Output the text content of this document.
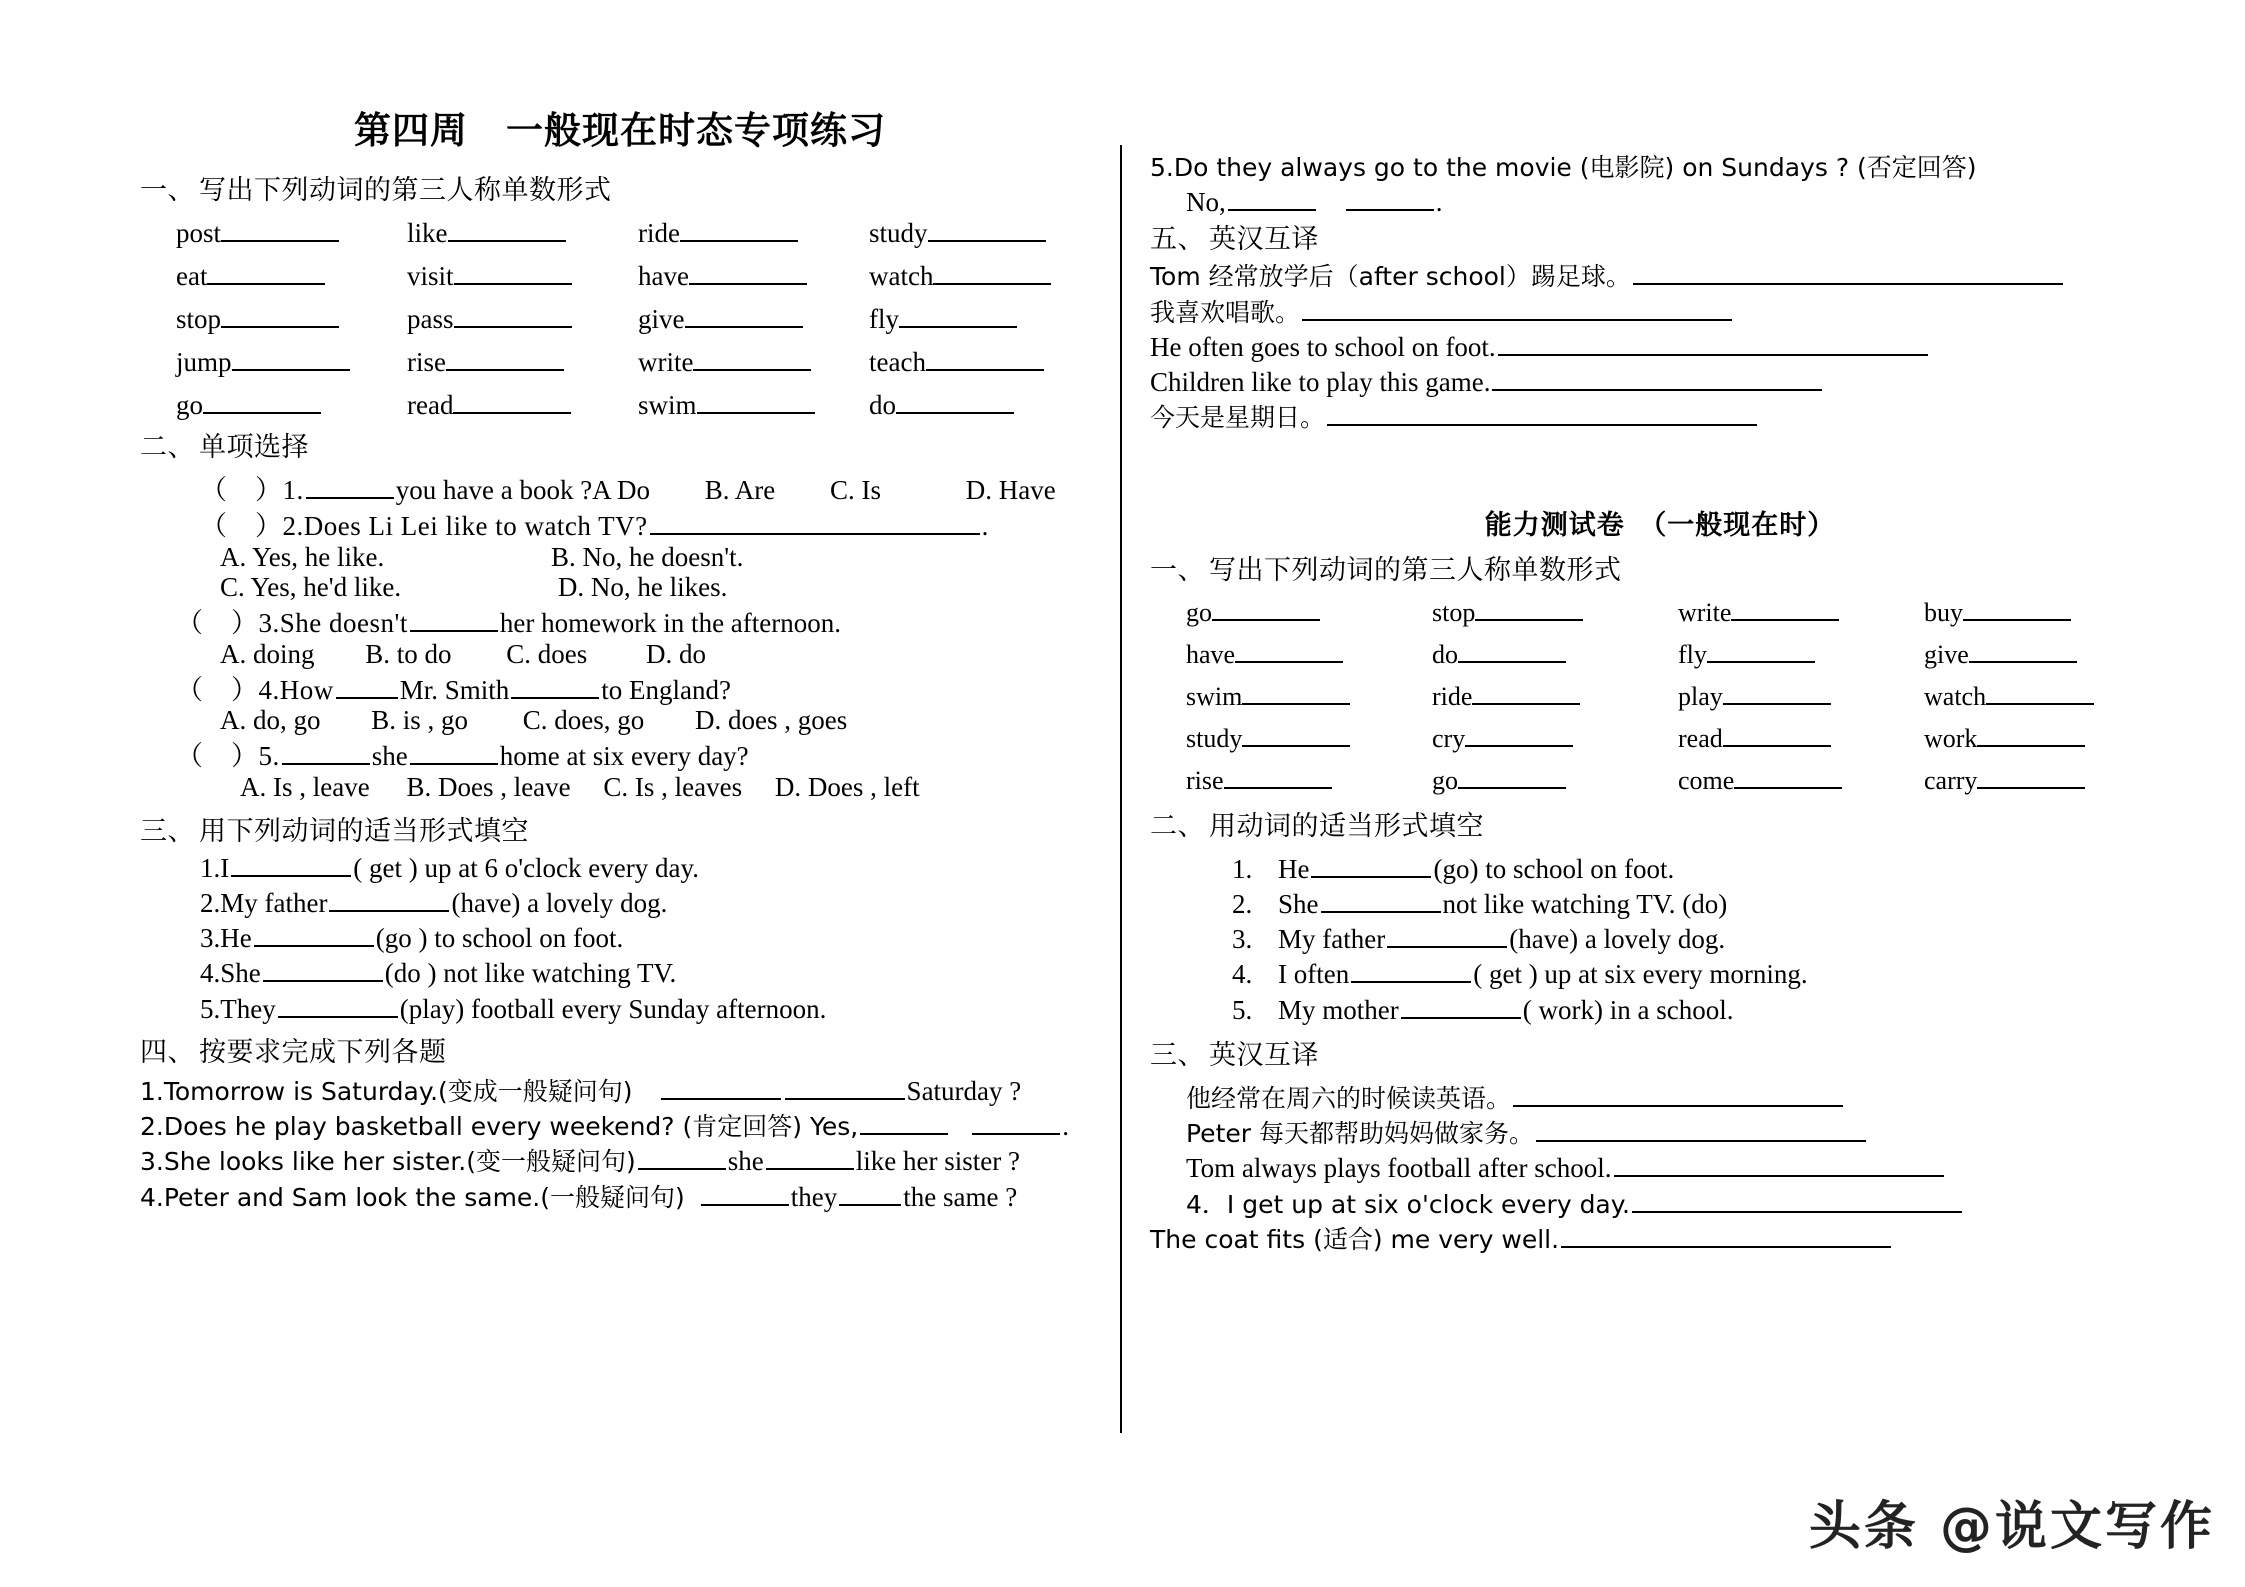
第四周　一般现在时态专项练习
一、 写出下列动词的第三人称单数形式
post	like	ride	study
eat	visit	have	watch
stop	pass	give	fly
jump	rise	write	teach
go	read	swim	do
二、 单项选择
（　）1.	you have a book ?A Do B. Are C. Is	D. Have
（　）2.Does Li Lei like to watch TV?	.
A. Yes, he like.	B. No, he doesn't.
C. Yes, he'd like.	D. No, he likes.
（　）3.She doesn't	her homework in the afternoon.
A. doing B. to do C. does D. do
（　）4.How Mr. Smith	to England?
A. do, go B. is , go C. does, go D. does , goes
（　）5.	she	home at six every day?
A. Is , leave B. Does , leave C. Is , leaves D. Does , left
三、 用下列动词的适当形式填空
1.I	( get ) up at 6 o'clock every day.
2.My father	(have) a lovely dog.
3.He	(go ) to school on foot.
4.She	(do ) not like watching TV.
5.They	(play) football every Sunday afternoon.
四、 按要求完成下列各题
1.Tomorrow is Saturday.(变成一般疑问句)	Saturday ?
2.Does he play basketball every weekend? (肯定回答) Yes,	.
3.She looks like her sister.(变一般疑问句)	she	like her sister ?
4.Peter and Sam look the same.(一般疑问句)	they the same ?
5.Do they always go to the movie (电影院) on Sundays ? (否定回答)
No,	.
五、 英汉互译
Tom 经常放学后（after school）踢足球。
我喜欢唱歌。
He often goes to school on foot.
Children like to play this game.
今天是星期日。
能力测试卷　（一般现在时）
一、 写出下列动词的第三人称单数形式
go	stop	write	buy
have	do	fly	give
swim	ride	play	watch
study	cry	read	work
rise	go	come	carry
二、 用动词的适当形式填空
1. He	(go) to school on foot.
2. She	not like watching TV. (do)
3. My father	(have) a lovely dog.
4. I often	( get ) up at six every morning.
5. My mother	( work) in a school.
三、 英汉互译
他经常在周六的时候读英语。
Peter 每天都帮助妈妈做家务。
Tom always plays football after school.
4．I get up at six o'clock every day.
The coat fits (适合) me very well.
头条 @说文写作
